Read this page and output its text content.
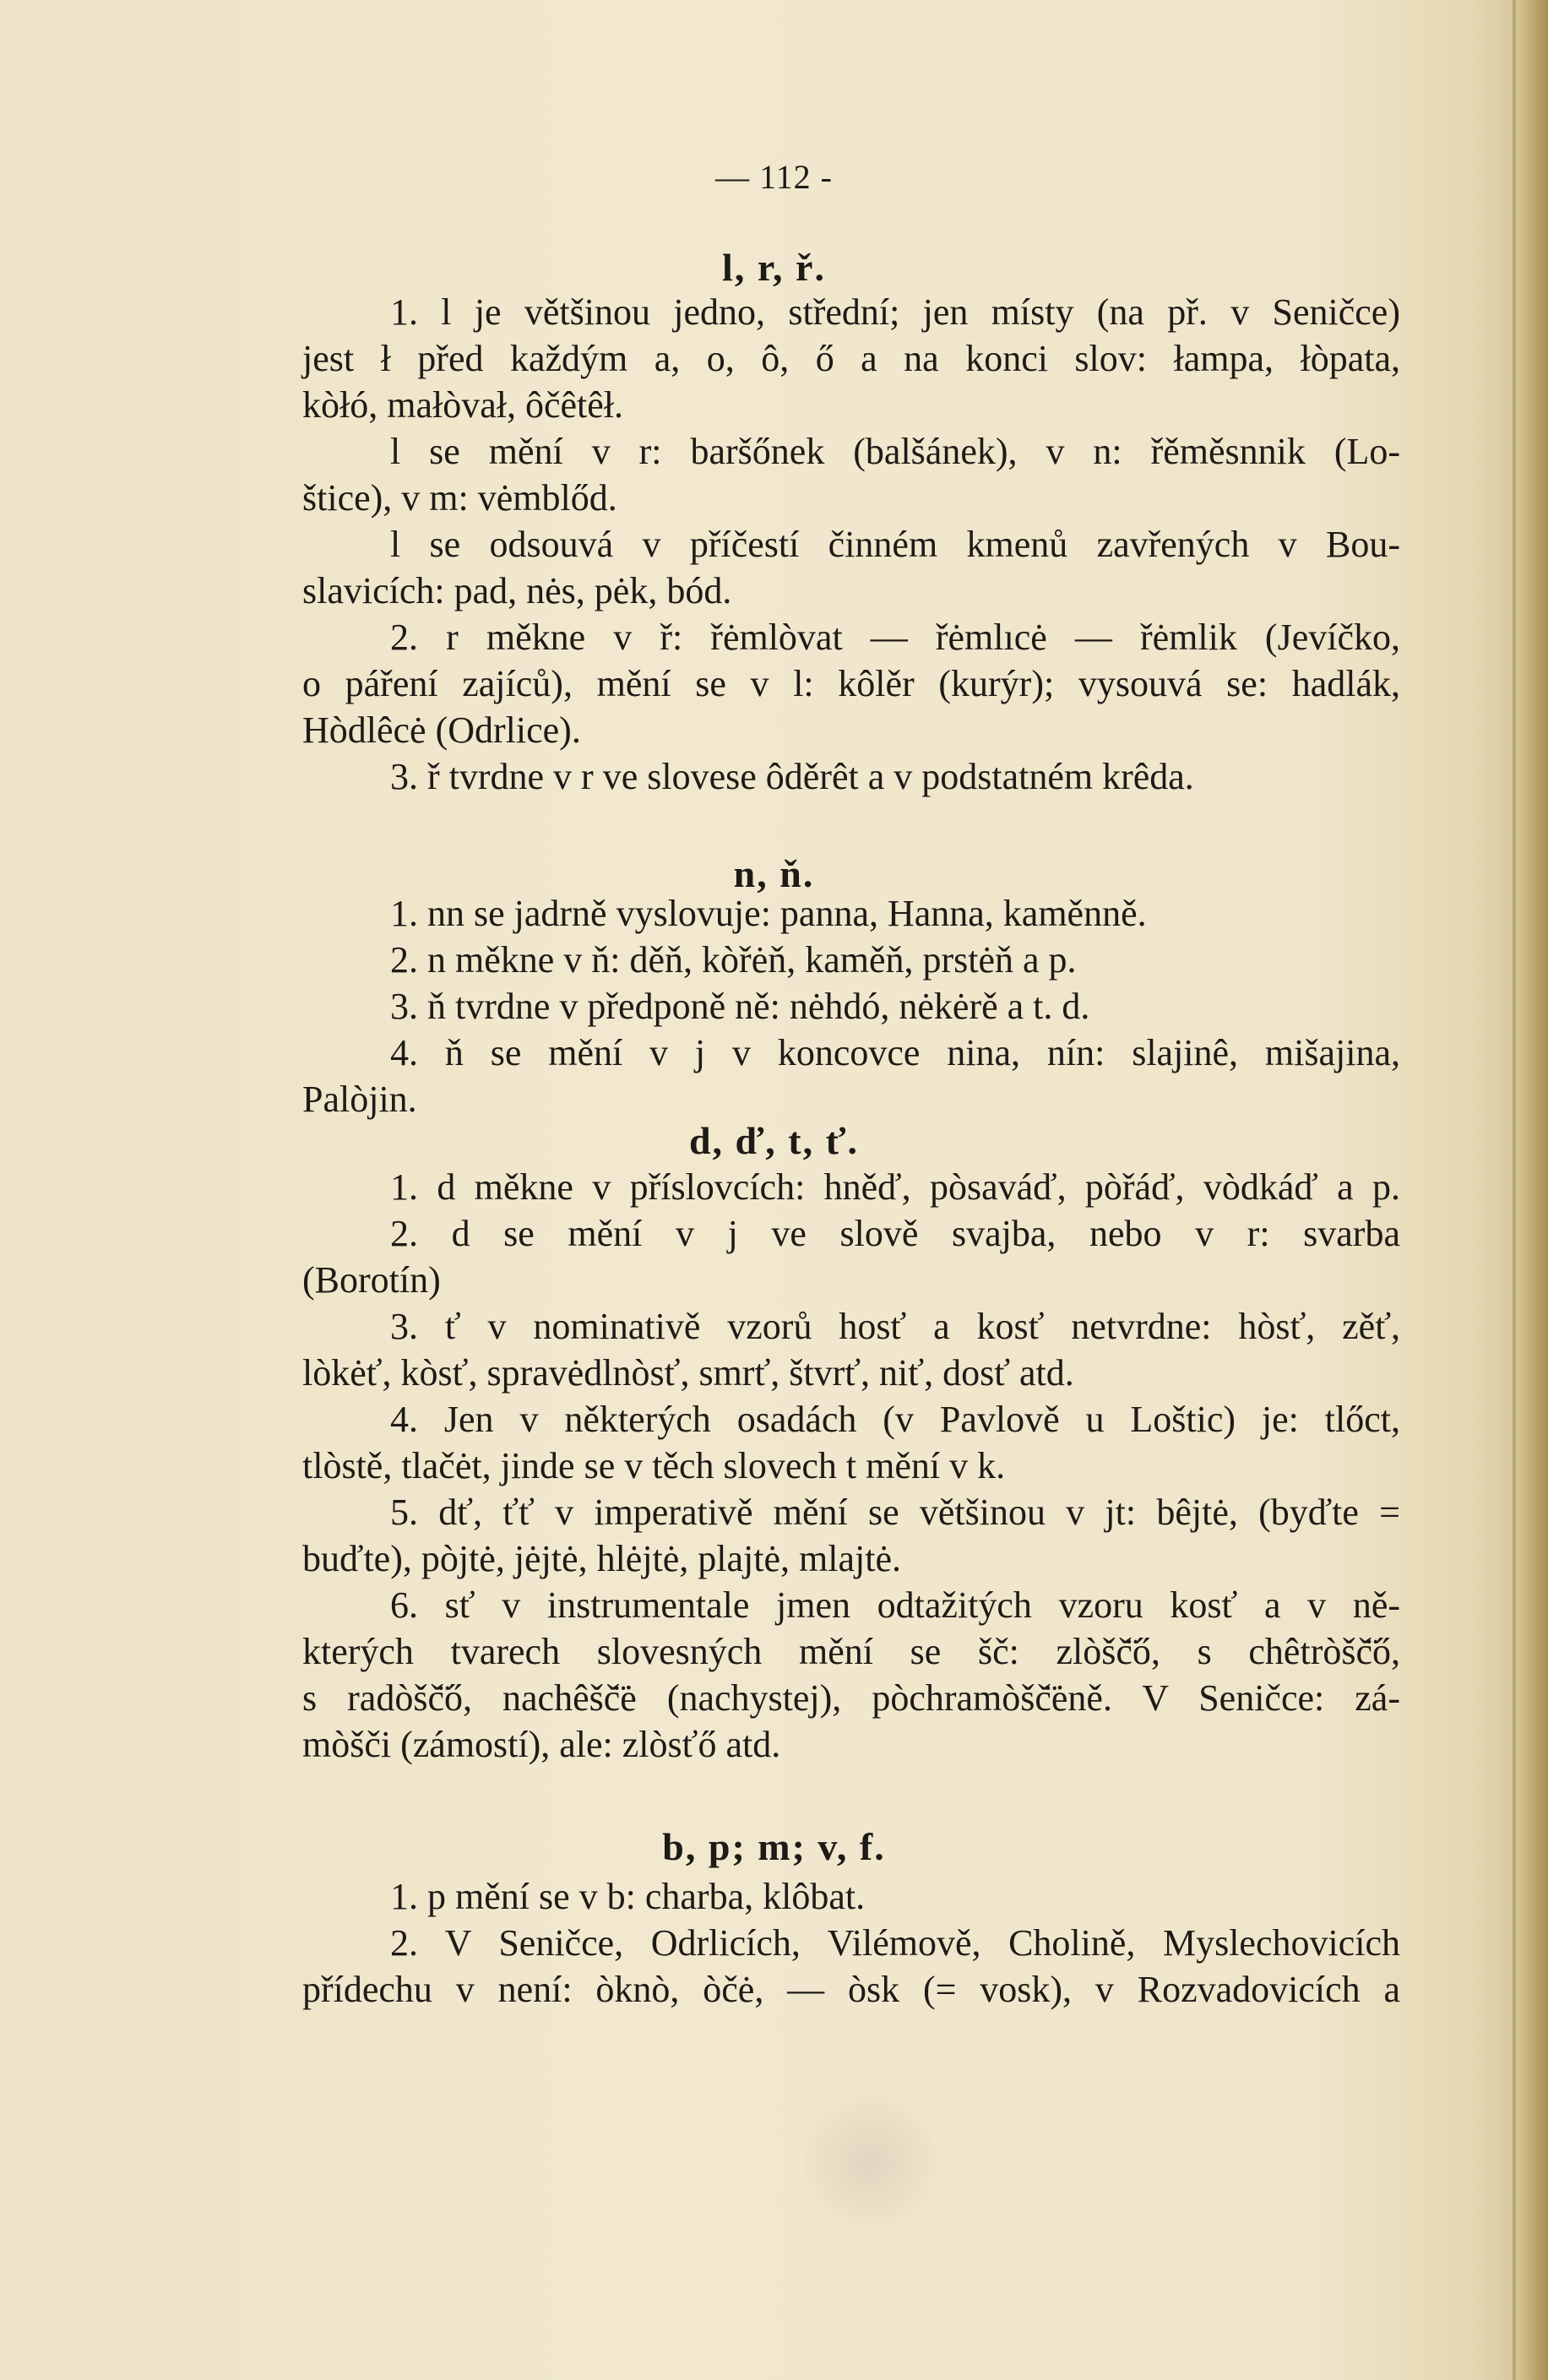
— 112 -
l, r, ř.
1. l je většinou jedno, střední; jen místy (na př. v Seničce)
jest ł před každým a, o, ô, ő a na konci slov: łampa, łòpata,
kòłó, małòvał, ôčêtêł.
l se mění v r: baršőnek (balšánek), v n: řěměsnnik (Lo-
štice), v m: vėmblőd.
l se odsouvá v příčestí činném kmenů zavřených v Bou-
slavicích: pad, nės, pėk, bód.
2. r měkne v ř: řėmlòvat — řėmlıcė — řėmlik (Jevíčko,
o páření zajíců), mění se v l: kôlěr (kurýr); vysouvá se: hadlák,
Hòdlêcė (Odrlice).
3. ř tvrdne v r ve slovese ôděrêt a v podstatném krêda.
n, ň.
1. nn se jadrně vyslovuje: panna, Hanna, kaměnně.
2. n měkne v ň: děň, kòřėň, kaměň, prstėň a p.
3. ň tvrdne v předponě ně: nėhdó, nėkėrě a t. d.
4. ň se mění v j v koncovce nina, nín: slajinê, mišajina,
Palòjin.
d, ď, t, ť.
1. d měkne v příslovcích: hněď, pòsaváď, pòřáď, vòdkáď a p.
2. d se mění v j ve slově svajba, nebo v r: svarba
(Borotín)
3. ť v nominativě vzorů hosť a kosť netvrdne: hòsť, zěť,
lòkėť, kòsť, spravėdlnòsť, smrť, štvrť, niť, dosť atd.
4. Jen v některých osadách (v Pavlově u Loštic) je: tlőct,
tlòstě, tlačėt, jinde se v těch slovech t mění v k.
5. dť, ťť v imperativě mění se většinou v jt: bêjtė, (byďte =
buďte), pòjtė, jėjtė, hlėjtė, plajtė, mlajtė.
6. sť v instrumentale jmen odtažitých vzoru kosť a v ně-
kterých tvarech slovesných mění se šč: zlòšč̈ő, s chêtròšč̈ő,
s radòšč̈ő, nachêšč̈ė (nachystej), pòchramòšč̈ėně. V Seničce: zá-
mòšči (zámostí), ale: zlòsťő atd.
b, p; m; v, f.
1. p mění se v b: charba, klôbat.
2. V Seničce, Odrlicích, Vilémově, Cholině, Myslechovicích
přídechu v není: òknò, òčė, — òsk (= vosk), v Rozvadovicích a
